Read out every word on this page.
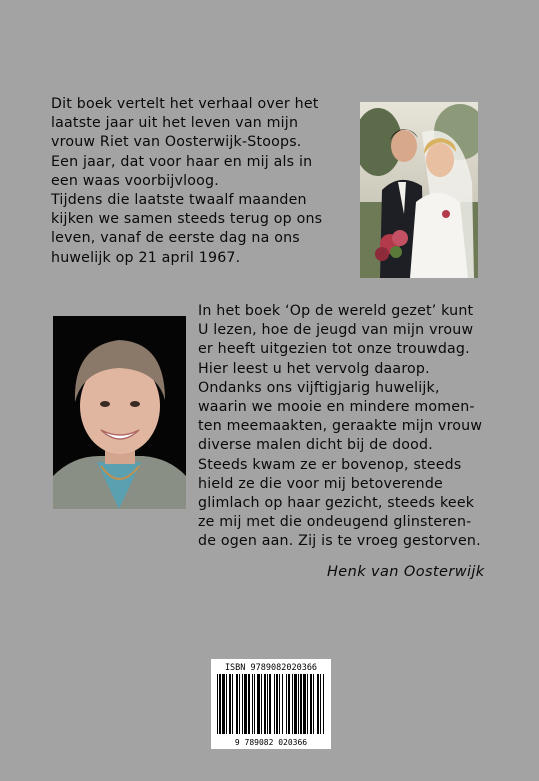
Dit boek vertelt het verhaal over het
laatste jaar uit het leven van mijn
vrouw Riet van Oosterwijk-Stoops.
Een jaar, dat voor haar en mij als in
een waas voorbijvloog.
Tijdens die laatste twaalf maanden
kijken we samen steeds terug op ons
leven, vanaf de eerste dag na ons
huwelijk op 21 april 1967.

In het boek ‘Op de wereld gezet’ kunt
U lezen, hoe de jeugd van mijn vrouw
er heeft uitgezien tot onze trouwdag.
Hier leest u het vervolg daarop.
Ondanks ons vijftigjarig huwelijk,
waarin we mooie en mindere momen-
ten meemaakten, geraakte mijn vrouw
diverse malen dicht bij de dood.
Steeds kwam ze er bovenop, steeds
hield ze die voor mij betoverende
glimlach op haar gezicht, steeds keek
ze mij met die ondeugend glinsteren-
de ogen aan. Zij is te vroeg gestorven.

Henk van Oosterwijk
ISBN 9789082020366
9 789082 020366
